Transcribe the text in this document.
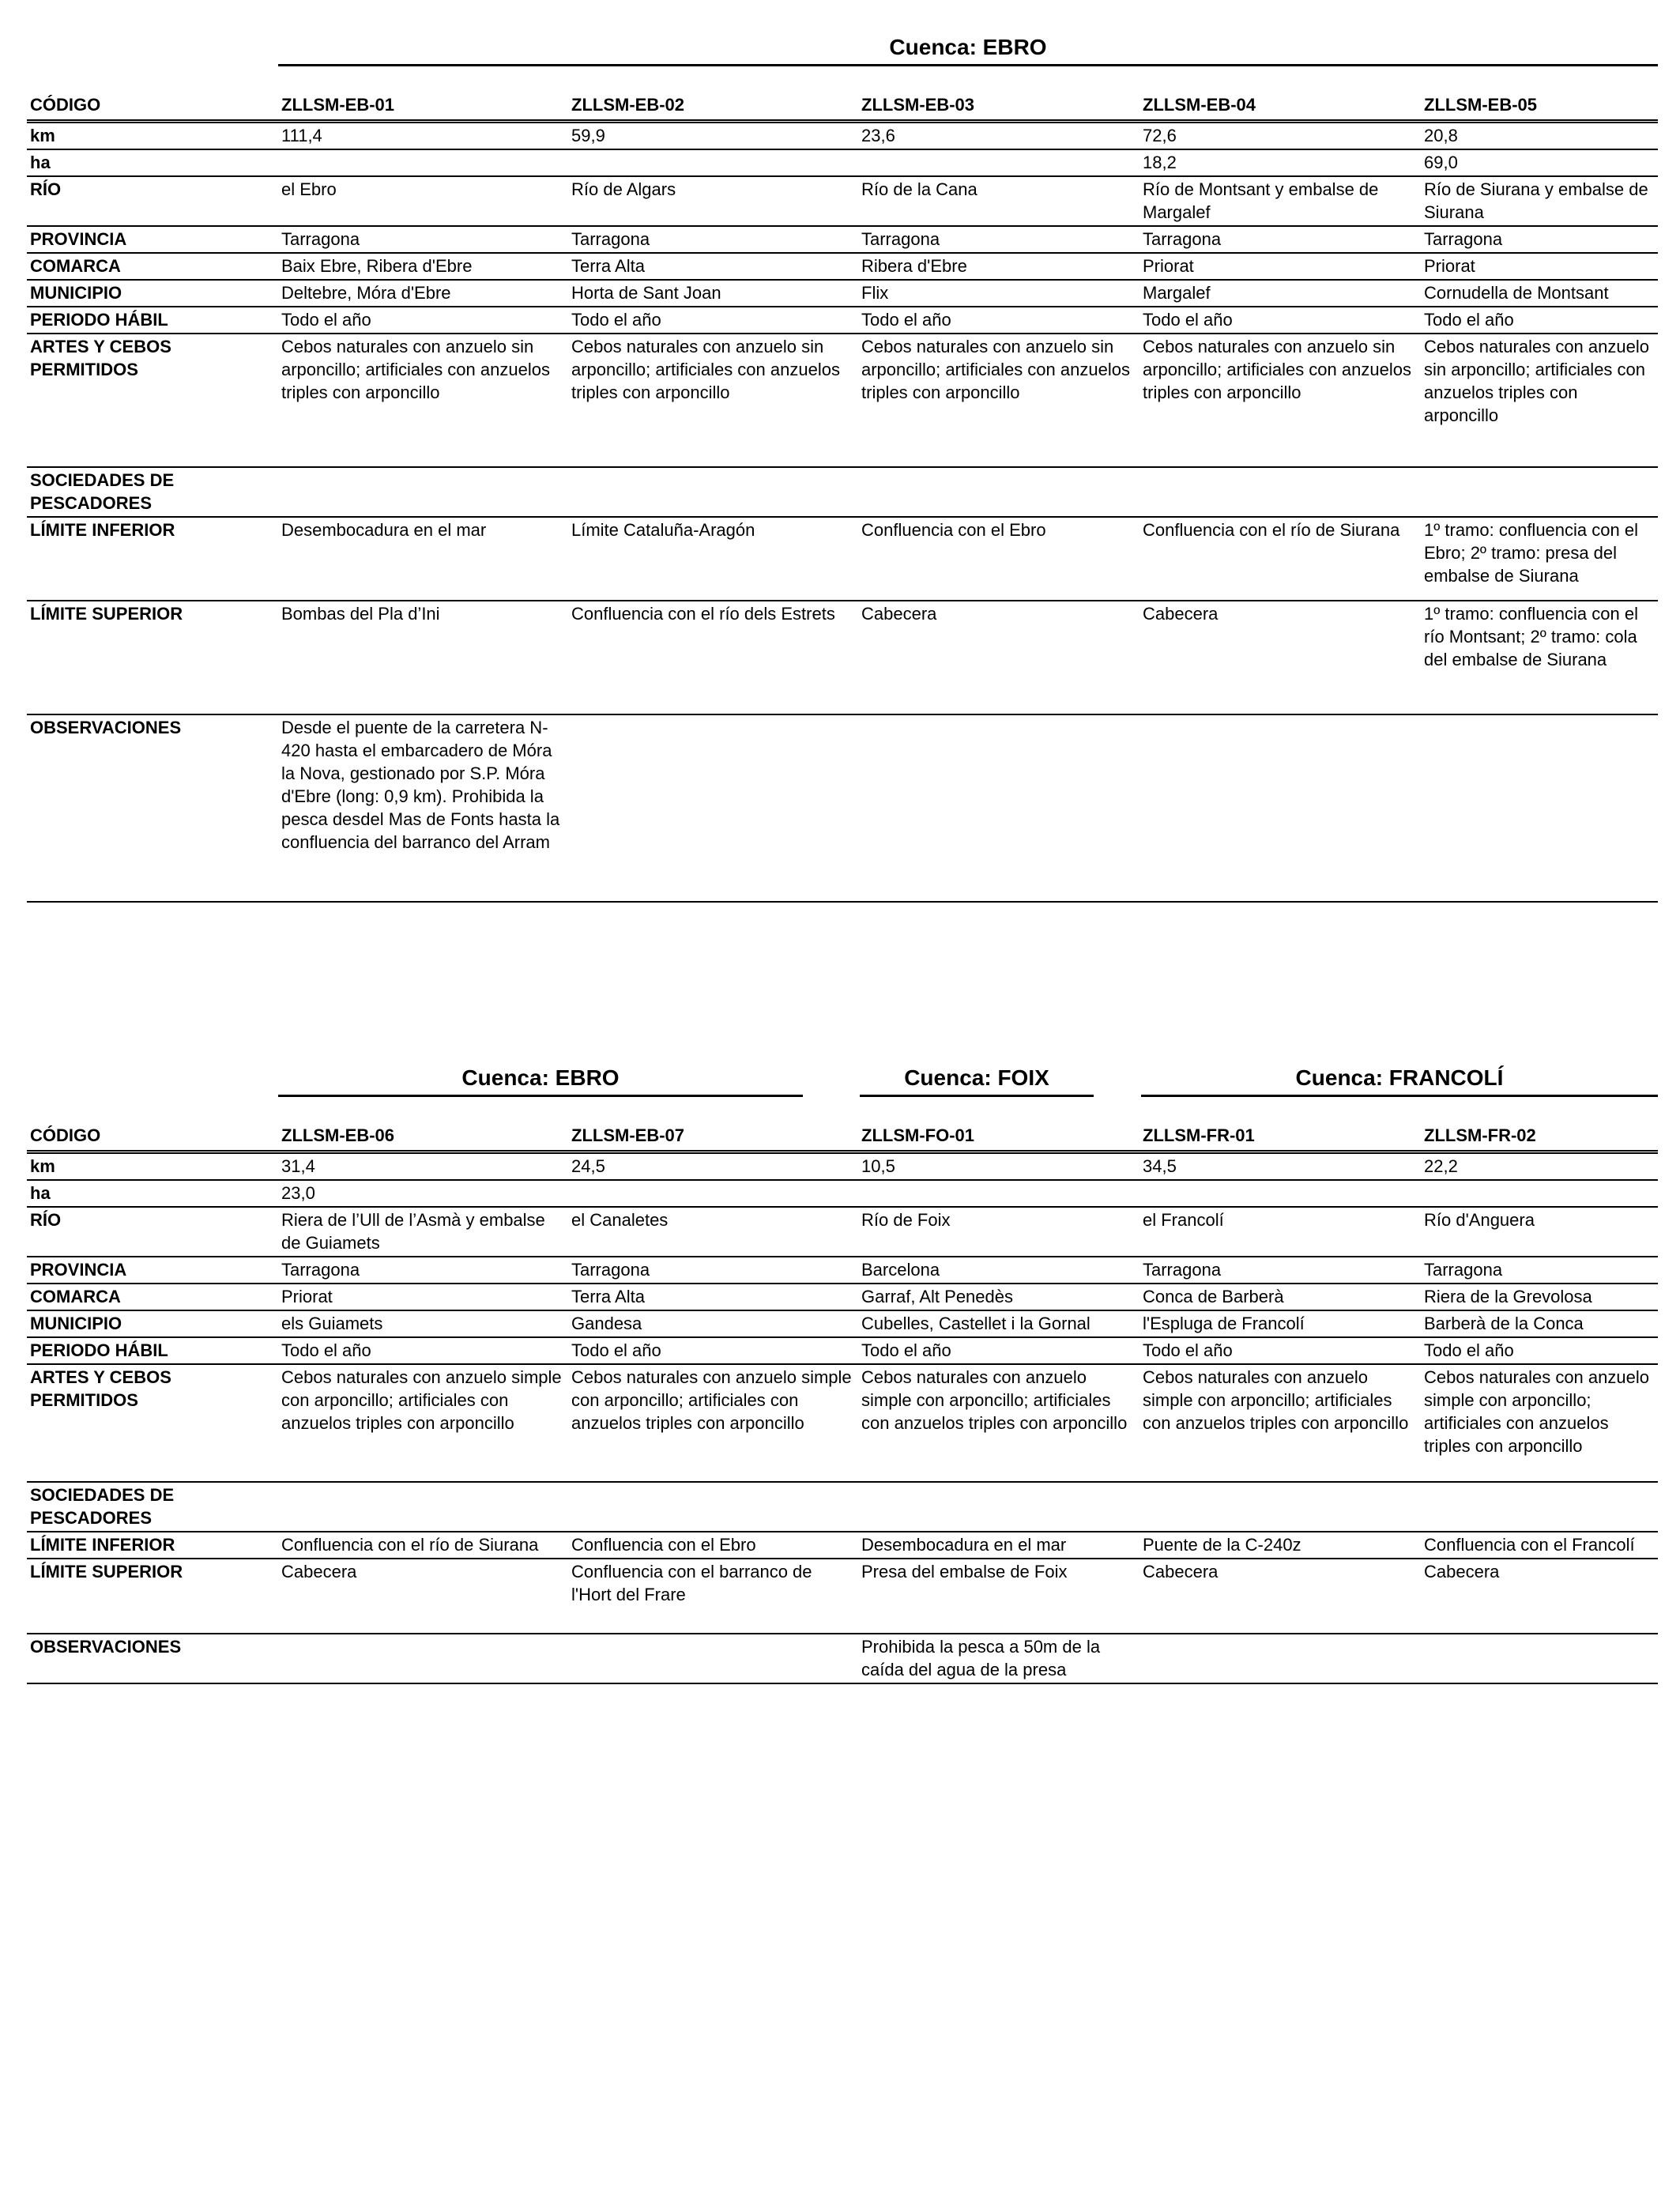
Cuenca: EBRO
CÓDIGO	ZLLSM-EB-01	ZLLSM-EB-02	ZLLSM-EB-03	ZLLSM-EB-04	ZLLSM-EB-05
km	111,4	59,9	23,6	72,6	20,8
ha				18,2	69,0
RÍO	el Ebro	Río de Algars	Río de la Cana	Río de Montsant y embalse de Margalef	Río de Siurana y embalse de Siurana
PROVINCIA	Tarragona	Tarragona	Tarragona	Tarragona	Tarragona
COMARCA	Baix Ebre, Ribera d'Ebre	Terra Alta	Ribera d'Ebre	Priorat	Priorat
MUNICIPIO	Deltebre, Móra d'Ebre	Horta de Sant Joan	Flix	Margalef	Cornudella de Montsant
PERIODO HÁBIL	Todo el año	Todo el año	Todo el año	Todo el año	Todo el año
ARTES Y CEBOS PERMITIDOS	Cebos naturales con anzuelo sin arponcillo; artificiales con anzuelos triples con arponcillo	Cebos naturales con anzuelo sin arponcillo; artificiales con anzuelos triples con arponcillo	Cebos naturales con anzuelo sin arponcillo; artificiales con anzuelos triples con arponcillo	Cebos naturales con anzuelo sin arponcillo; artificiales con anzuelos triples con arponcillo	Cebos naturales con anzuelo sin arponcillo; artificiales con anzuelos triples con arponcillo
SOCIEDADES DE PESCADORES					
LÍMITE INFERIOR	Desembocadura en el mar	Límite Cataluña-Aragón	Confluencia con el Ebro	Confluencia con el río de Siurana	1º tramo: confluencia con el Ebro; 2º tramo: presa del embalse de Siurana
LÍMITE SUPERIOR	Bombas del Pla d’Ini	Confluencia con el río dels Estrets	Cabecera	Cabecera	1º tramo: confluencia con el río Montsant; 2º tramo: cola del embalse de Siurana
OBSERVACIONES	Desde el puente de la carretera N-420 hasta el embarcadero de Móra la Nova, gestionado por S.P. Móra d'Ebre (long: 0,9 km). Prohibida la pesca desdel Mas de Fonts hasta la confluencia del barranco del Arram				
Cuenca: EBRO	Cuenca: FOIX	Cuenca: FRANCOLÍ
CÓDIGO	ZLLSM-EB-06	ZLLSM-EB-07	ZLLSM-FO-01	ZLLSM-FR-01	ZLLSM-FR-02
km	31,4	24,5	10,5	34,5	22,2
ha	23,0				
RÍO	Riera de l’Ull de l’Asmà y embalse de Guiamets	el Canaletes	Río de Foix	el Francolí	Río d'Anguera
PROVINCIA	Tarragona	Tarragona	Barcelona	Tarragona	Tarragona
COMARCA	Priorat	Terra Alta	Garraf, Alt Penedès	Conca de Barberà	Riera de la Grevolosa
MUNICIPIO	els Guiamets	Gandesa	Cubelles, Castellet i la Gornal	l'Espluga de Francolí	Barberà de la Conca
PERIODO HÁBIL	Todo el año	Todo el año	Todo el año	Todo el año	Todo el año
ARTES Y CEBOS PERMITIDOS	Cebos naturales con anzuelo simple con arponcillo; artificiales con anzuelos triples con arponcillo	Cebos naturales con anzuelo simple con arponcillo; artificiales con anzuelos triples con arponcillo	Cebos naturales con anzuelo simple con arponcillo; artificiales con anzuelos triples con arponcillo	Cebos naturales con anzuelo simple con arponcillo; artificiales con anzuelos triples con arponcillo	Cebos naturales con anzuelo simple con arponcillo; artificiales con anzuelos triples con arponcillo
SOCIEDADES DE PESCADORES					
LÍMITE INFERIOR	Confluencia con el río de Siurana	Confluencia con el Ebro	Desembocadura en el mar	Puente de la C-240z	Confluencia con el Francolí
LÍMITE SUPERIOR	Cabecera	Confluencia con el barranco de l'Hort del Frare	Presa del embalse de Foix	Cabecera	Cabecera
OBSERVACIONES			Prohibida la pesca a 50m de la caída del agua de la presa		
